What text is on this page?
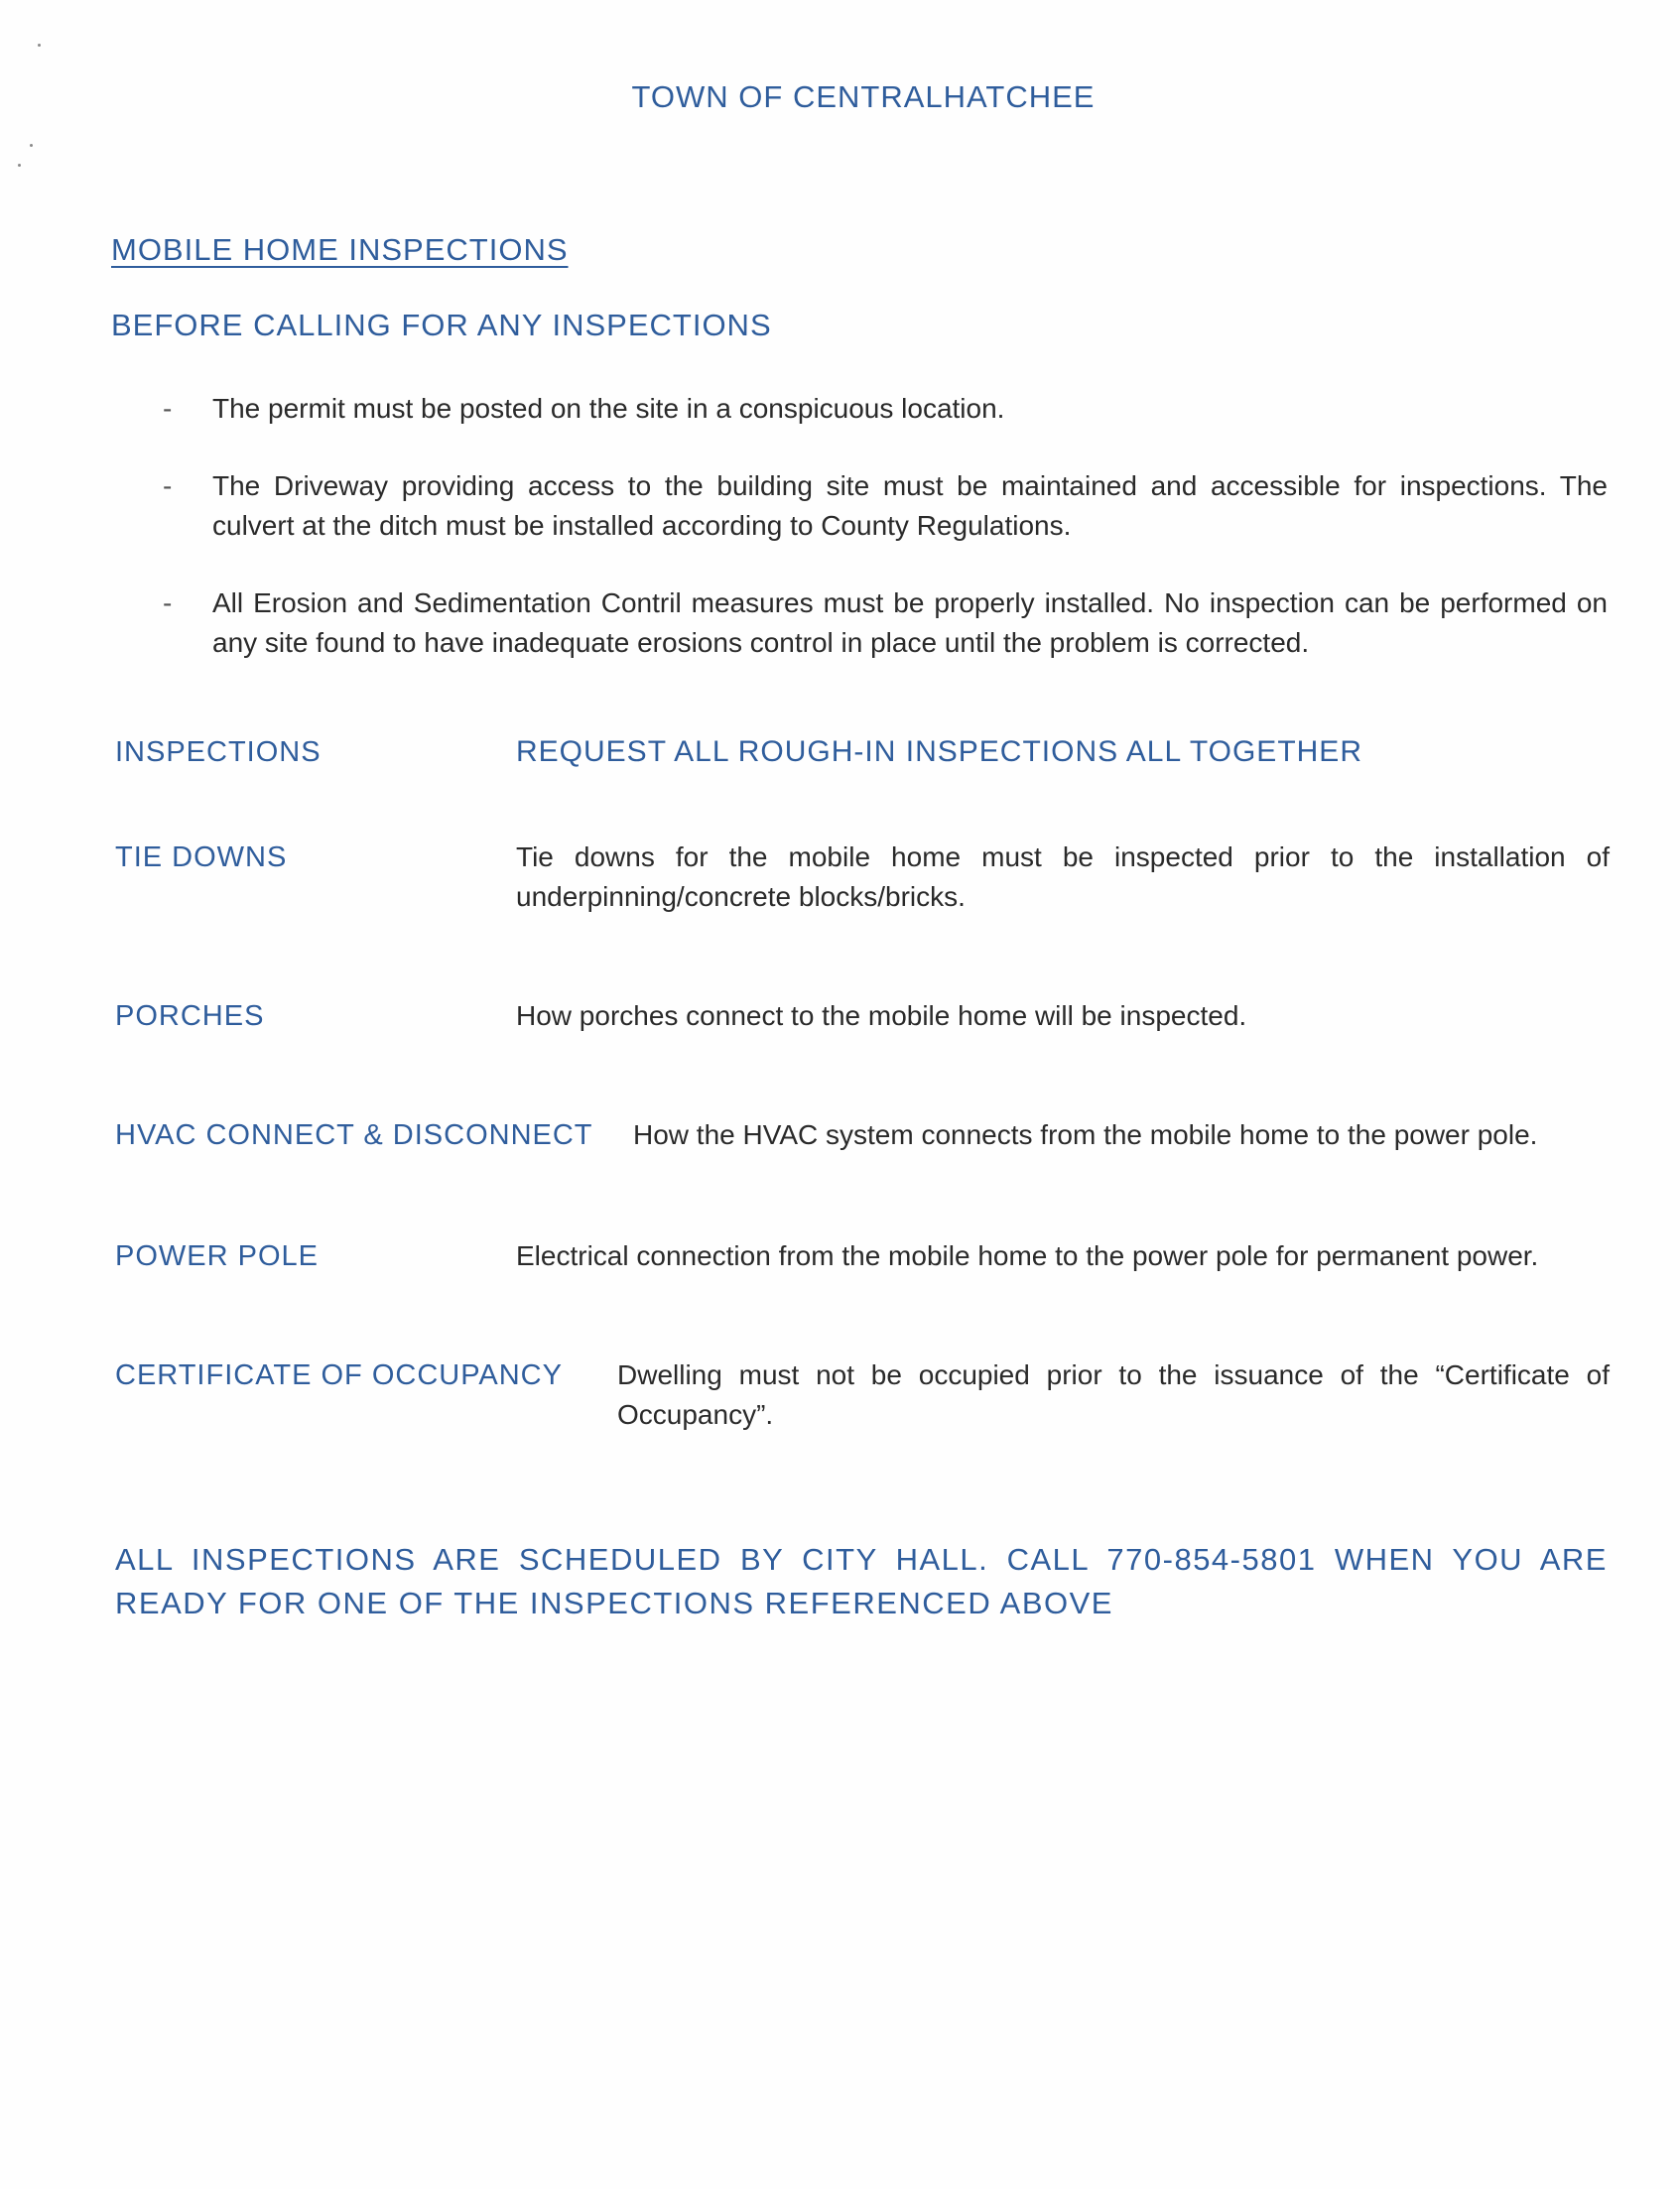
TOWN OF CENTRALHATCHEE
MOBILE HOME INSPECTIONS
BEFORE CALLING FOR ANY INSPECTIONS
- The permit must be posted on the site in a conspicuous location.
- The Driveway providing access to the building site must be maintained and accessible for inspections. The culvert at the ditch must be installed according to County Regulations.
- All Erosion and Sedimentation Contril measures must be properly installed. No inspection can be performed on any site found to have inadequate erosions control in place until the problem is corrected.
INSPECTIONS	REQUEST ALL ROUGH-IN INSPECTIONS ALL TOGETHER
TIE DOWNS	Tie downs for the mobile home must be inspected prior to the installation of underpinning/concrete blocks/bricks.
PORCHES	How porches connect to the mobile home will be inspected.
HVAC CONNECT & DISCONNECT How the HVAC system connects from the mobile home to the power pole.
POWER POLE	Electrical connection from the mobile home to the power pole for permanent power.
CERTIFICATE OF OCCUPANCY Dwelling must not be occupied prior to the issuance of the “Certificate of Occupancy”.
ALL INSPECTIONS ARE SCHEDULED BY CITY HALL. CALL 770-854-5801 WHEN YOU ARE READY FOR ONE OF THE INSPECTIONS REFERENCED ABOVE
